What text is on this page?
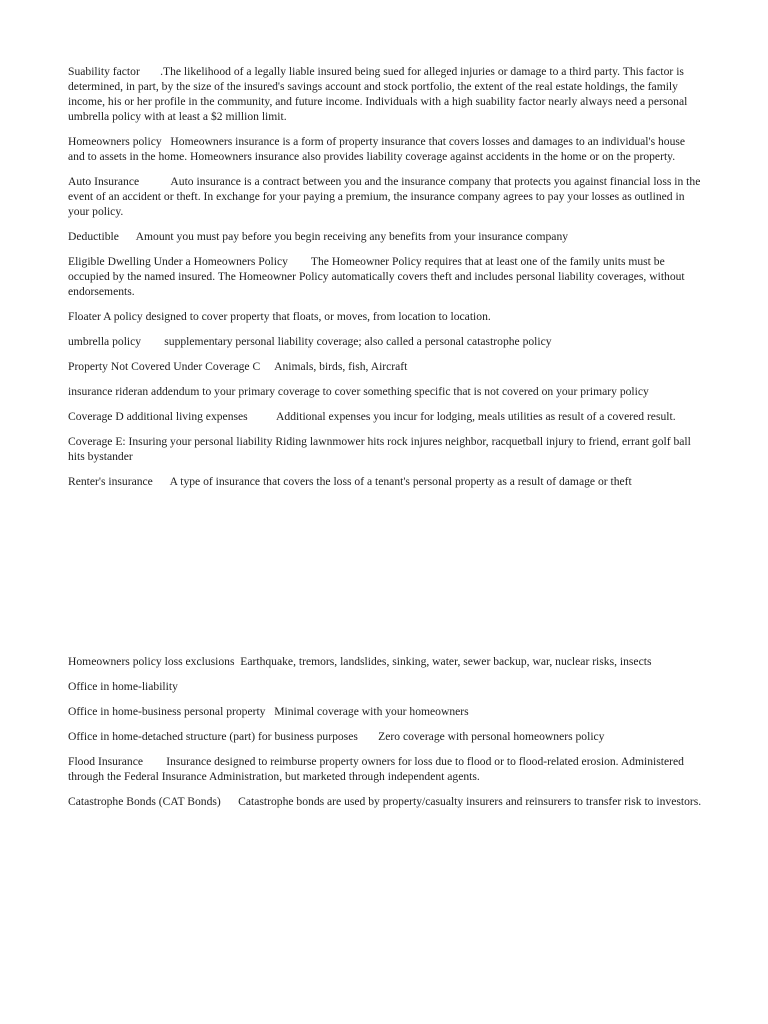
Suability factor .The likelihood of a legally liable insured being sued for alleged injuries or damage to a third party. This factor is determined, in part, by the size of the insured's savings account and stock portfolio, the extent of the real estate holdings, the family income, his or her profile in the community, and future income. Individuals with a high suability factor nearly always need a personal umbrella policy with at least a $2 million limit.

Homeowners policy Homeowners insurance is a form of property insurance that covers losses and damages to an individual's house and to assets in the home. Homeowners insurance also provides liability coverage against accidents in the home or on the property.

Auto Insurance	Auto insurance is a contract between you and the insurance company that protects you against financial loss in the event of an accident or theft. In exchange for your paying a premium, the insurance company agrees to pay your losses as outlined in your policy.

Deductible Amount you must pay before you begin receiving any benefits from your insurance company

Eligible Dwelling Under a Homeowners Policy The Homeowner Policy requires that at least one of the family units must be occupied by the named insured. The Homeowner Policy automatically covers theft and includes personal liability coverages, without endorsements.

Floater A policy designed to cover property that floats, or moves, from location to location.

umbrella policy supplementary personal liability coverage; also called a personal catastrophe policy

Property Not Covered Under Coverage C Animals, birds, fish, Aircraft

insurance rideran addendum to your primary coverage to cover something specific that is not covered on your primary policy

Coverage D additional living expenses Additional expenses you incur for lodging, meals utilities as result of a covered result.

Coverage E: Insuring your personal liability Riding lawnmower hits rock injures neighbor, racquetball injury to friend, errant golf ball hits bystander

Renter's insurance A type of insurance that covers the loss of a tenant's personal property as a result of damage or theft

Homeowners policy loss exclusions Earthquake, tremors, landslides, sinking, water, sewer backup, war, nuclear risks, insects

Office in home-liability

Office in home-business personal property Minimal coverage with your homeowners

Office in home-detached structure (part) for business purposes Zero coverage with personal homeowners policy

Flood Insurance Insurance designed to reimburse property owners for loss due to flood or to flood-related erosion. Administered through the Federal Insurance Administration, but marketed through independent agents.

Catastrophe Bonds (CAT Bonds) Catastrophe bonds are used by property/casualty insurers and reinsurers to transfer risk to investors.
